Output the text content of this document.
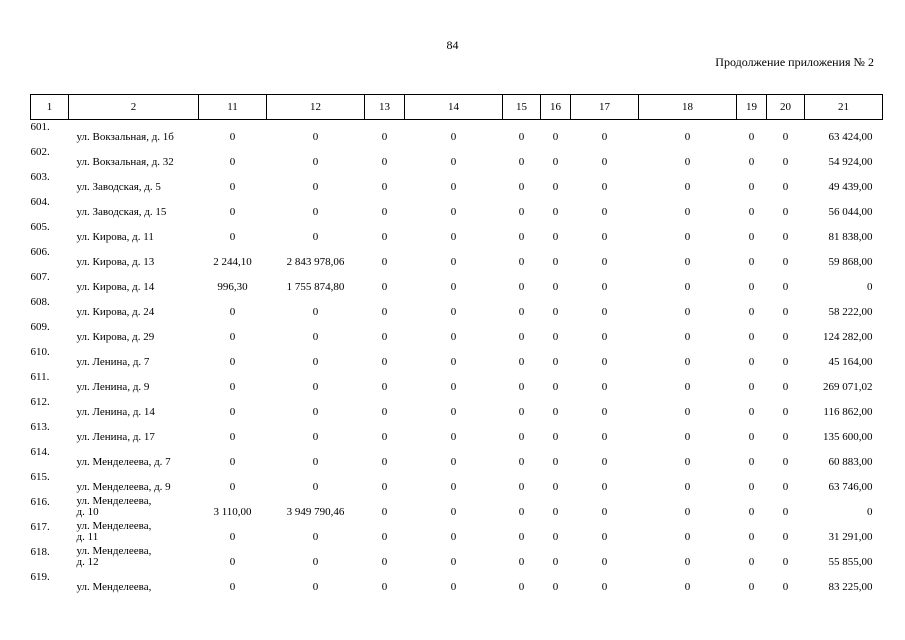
84
Продолжение приложения № 2
1	2	11	12	13	14	15	16	17	18	19	20	21
601.	ул. Вокзальная, д. 1б	0	0	0	0	0	0	0	0	0	0	63 424,00
602.	ул. Вокзальная, д. 32	0	0	0	0	0	0	0	0	0	0	54 924,00
603.	ул. Заводская, д. 5	0	0	0	0	0	0	0	0	0	0	49 439,00
604.	ул. Заводская, д. 15	0	0	0	0	0	0	0	0	0	0	56 044,00
605.	ул. Кирова, д. 11	0	0	0	0	0	0	0	0	0	0	81 838,00
606.	ул. Кирова, д. 13	2 244,10	2 843 978,06	0	0	0	0	0	0	0	0	59 868,00
607.	ул. Кирова, д. 14	996,30	1 755 874,80	0	0	0	0	0	0	0	0	0
608.	ул. Кирова, д. 24	0	0	0	0	0	0	0	0	0	0	58 222,00
609.	ул. Кирова, д. 29	0	0	0	0	0	0	0	0	0	0	124 282,00
610.	ул. Ленина, д. 7	0	0	0	0	0	0	0	0	0	0	45 164,00
611.	ул. Ленина, д. 9	0	0	0	0	0	0	0	0	0	0	269 071,02
612.	ул. Ленина, д. 14	0	0	0	0	0	0	0	0	0	0	116 862,00
613.	ул. Ленина, д. 17	0	0	0	0	0	0	0	0	0	0	135 600,00
614.	ул. Менделеева, д. 7	0	0	0	0	0	0	0	0	0	0	60 883,00
615.	ул. Менделеева, д. 9	0	0	0	0	0	0	0	0	0	0	63 746,00
616.	ул. Менделеева,
д. 10	3 110,00	3 949 790,46	0	0	0	0	0	0	0	0	0
617.	ул. Менделеева,
д. 11	0	0	0	0	0	0	0	0	0	0	31 291,00
618.	ул. Менделеева,
д. 12	0	0	0	0	0	0	0	0	0	0	55 855,00
619.	ул. Менделеева,	0	0	0	0	0	0	0	0	0	0	83 225,00
